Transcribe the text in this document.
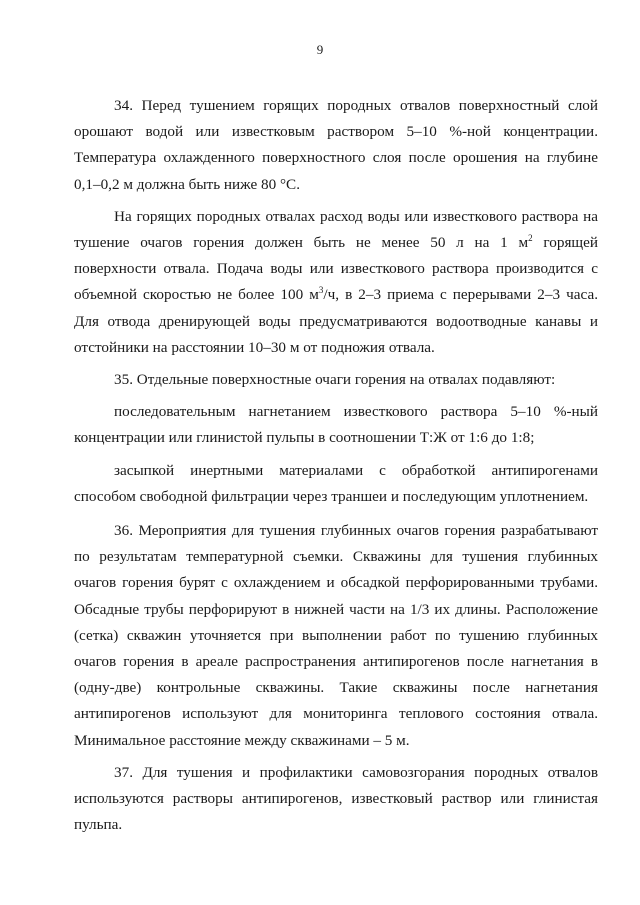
9

34. Перед тушением горящих породных отвалов поверхностный слой орошают водой или известковым раствором 5–10 %-ной концентрации. Температура охлажденного поверхностного слоя после орошения на глубине 0,1–0,2 м должна быть ниже 80 °С.

На горящих породных отвалах расход воды или известкового раствора на тушение очагов горения должен быть не менее 50 л на 1 $м^2$ горящей поверхности отвала. Подача воды или известкового раствора производится с объемной скоростью не более 100 $м^3/ч$, в 2–3 приема с перерывами 2–3 часа. Для отвода дренирующей воды предусматриваются водоотводные канавы и отстойники на расстоянии 10–30 м от подножия отвала.

35. Отдельные поверхностные очаги горения на отвалах подавляют:

последовательным нагнетанием известкового раствора 5–10 %-ный концентрации или глинистой пульпы в соотношении Т:Ж от 1:6 до 1:8;

засыпкой инертными материалами с обработкой антипирогенами способом свободной фильтрации через траншеи и последующим уплотнением.

36. Мероприятия для тушения глубинных очагов горения разрабатывают по результатам температурной съемки. Скважины для тушения глубинных очагов горения бурят с охлаждением и обсадкой перфорированными трубами. Обсадные трубы перфорируют в нижней части на 1/3 их длины. Расположение (сетка) скважин уточняется при выполнении работ по тушению глубинных очагов горения в ареале распространения антипирогенов после нагнетания в (одну-две) контрольные скважины. Такие скважины после нагнетания антипирогенов используют для мониторинга теплового состояния отвала. Минимальное расстояние между скважинами – 5 м.

37. Для тушения и профилактики самовозгорания породных отвалов используются растворы антипирогенов, известковый раствор или глинистая пульпа.
